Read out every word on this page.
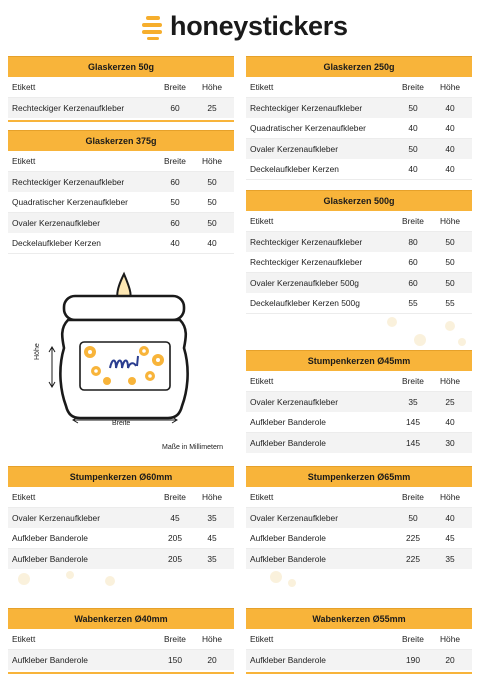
honeystickers
Glaskerzen 50g
Etikett	Breite	Höhe
Rechteckiger Kerzenaufkleber	60	25
Glaskerzen 375g
Etikett	Breite	Höhe
Rechteckiger Kerzenaufkleber	60	50
Quadratischer Kerzenaufkleber	50	50
Ovaler Kerzenaufkleber	60	50
Deckelaufkleber Kerzen	40	40
Glaskerzen 250g
Etikett	Breite	Höhe
Rechteckiger Kerzenaufkleber	50	40
Quadratischer Kerzenaufkleber	40	40
Ovaler Kerzenaufkleber	50	40
Deckelaufkleber Kerzen	40	40
Glaskerzen 500g
Etikett	Breite	Höhe
Rechteckiger Kerzenaufkleber	80	50
Rechteckiger Kerzenaufkleber	60	50
Ovaler Kerzenaufkleber 500g	60	50
Deckelaufkleber Kerzen 500g	55	55
Höhe
Breite
Maße in Millimetern
Stumpenkerzen Ø45mm
Etikett	Breite	Höhe
Ovaler Kerzenaufkleber	35	25
Aufkleber Banderole	145	40
Aufkleber Banderole	145	30
Stumpenkerzen Ø60mm
Etikett	Breite	Höhe
Ovaler Kerzenaufkleber	45	35
Aufkleber Banderole	205	45
Aufkleber Banderole	205	35
Stumpenkerzen Ø65mm
Etikett	Breite	Höhe
Ovaler Kerzenaufkleber	50	40
Aufkleber Banderole	225	45
Aufkleber Banderole	225	35
Wabenkerzen Ø40mm
Etikett	Breite	Höhe
Aufkleber Banderole	150	20
Wabenkerzen Ø55mm
Etikett	Breite	Höhe
Aufkleber Banderole	190	20
